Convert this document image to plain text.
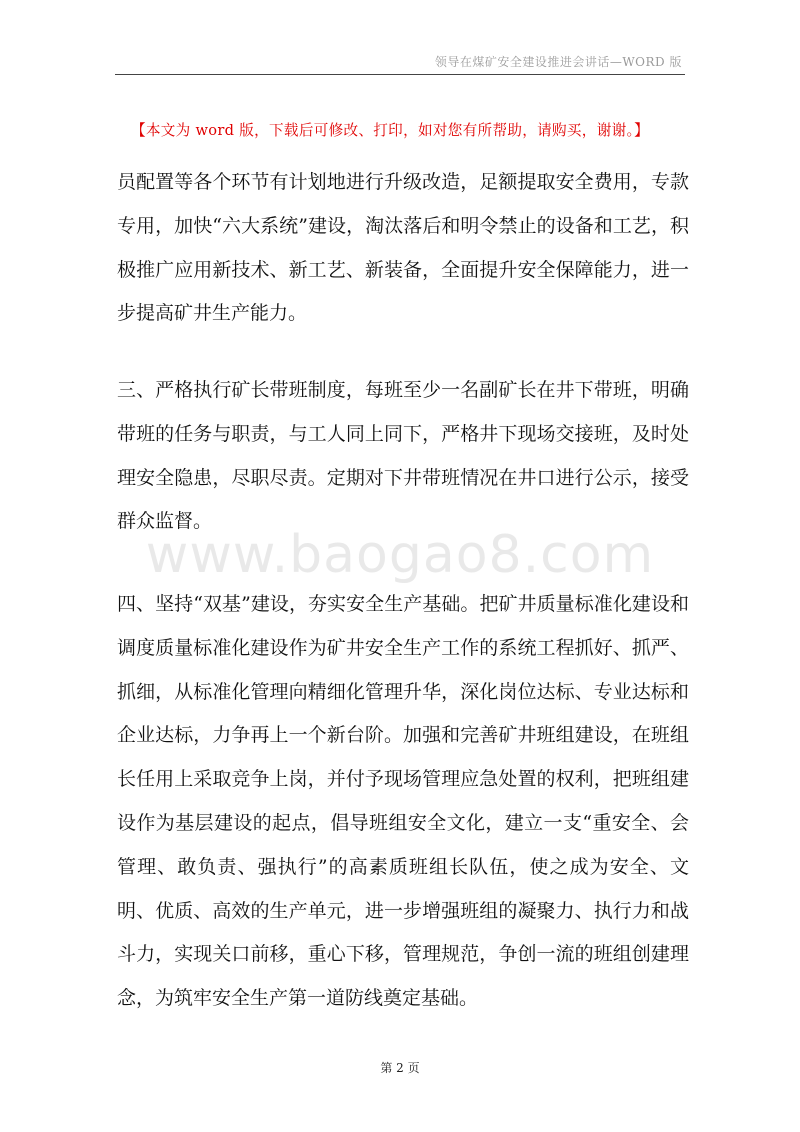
领导在煤矿安全建设推进会讲话—WORD 版
【本文为 word 版，下载后可修改、打印，如对您有所帮助，请购买，谢谢。】

员配置等各个环节有计划地进行升级改造，足额提取安全费用，专款专用，加快“六大系统”建设，淘汰落后和明令禁止的设备和工艺，积极推广应用新技术、新工艺、新装备，全面提升安全保障能力，进一步提高矿井生产能力。

三、严格执行矿长带班制度，每班至少一名副矿长在井下带班，明确带班的任务与职责，与工人同上同下，严格井下现场交接班，及时处理安全隐患，尽职尽责。定期对下井带班情况在井口进行公示，接受群众监督。

www.baogao8.com

四、坚持“双基”建设，夯实安全生产基础。把矿井质量标准化建设和调度质量标准化建设作为矿井安全生产工作的系统工程抓好、抓严、抓细，从标准化管理向精细化管理升华，深化岗位达标、专业达标和企业达标，力争再上一个新台阶。加强和完善矿井班组建设，在班组长任用上采取竞争上岗，并付予现场管理应急处置的权利，把班组建设作为基层建设的起点，倡导班组安全文化，建立一支“重安全、会管理、敢负责、强执行”的高素质班组长队伍，使之成为安全、文明、优质、高效的生产单元，进一步增强班组的凝聚力、执行力和战斗力，实现关口前移，重心下移，管理规范，争创一流的班组创建理念，为筑牢安全生产第一道防线奠定基础。

第 2 页
